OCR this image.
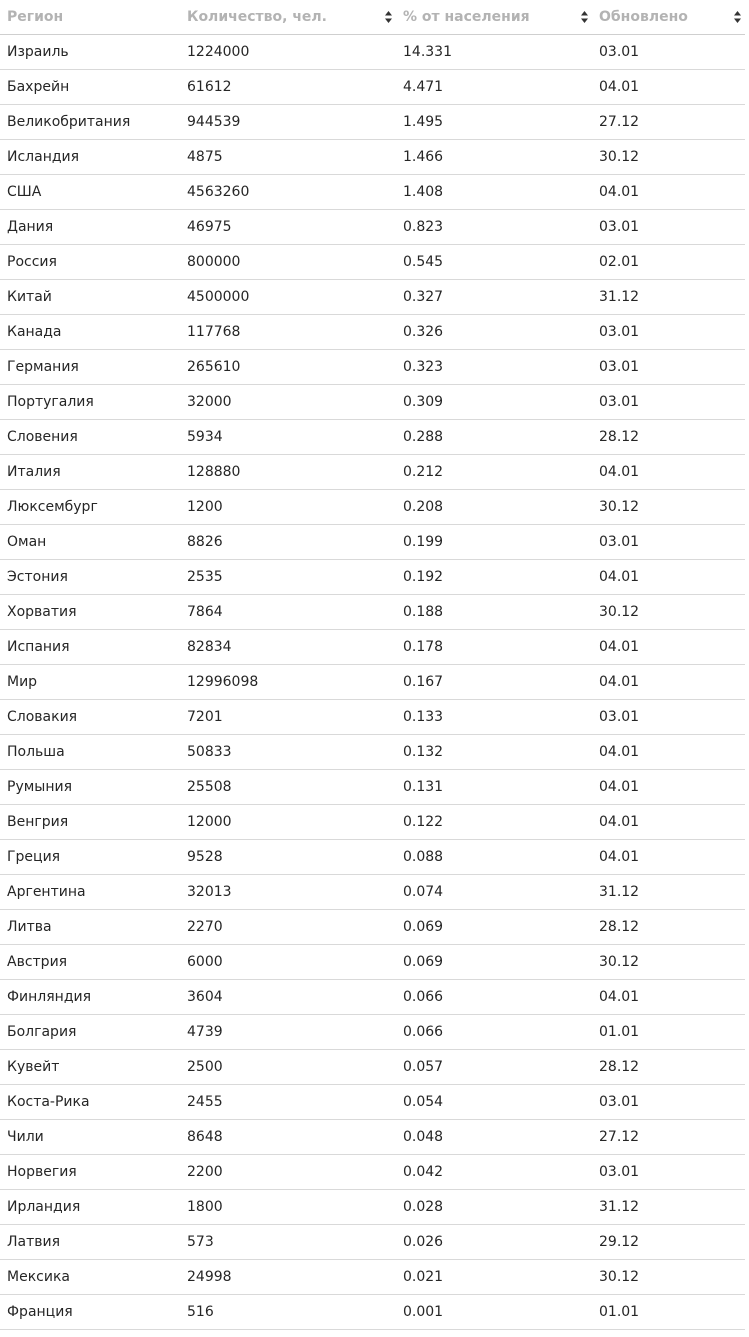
Регион	Количество, чел.	% от населения	Обновлено

Израиль	1224000	14.331	03.01
Бахрейн	61612	4.471	04.01
Великобритания	944539	1.495	27.12
Исландия	4875	1.466	30.12
США	4563260	1.408	04.01
Дания	46975	0.823	03.01
Россия	800000	0.545	02.01
Китай	4500000	0.327	31.12
Канада	117768	0.326	03.01
Германия	265610	0.323	03.01
Португалия	32000	0.309	03.01
Словения	5934	0.288	28.12
Италия	128880	0.212	04.01
Люксембург	1200	0.208	30.12
Оман	8826	0.199	03.01
Эстония	2535	0.192	04.01
Хорватия	7864	0.188	30.12
Испания	82834	0.178	04.01
Мир	12996098	0.167	04.01
Словакия	7201	0.133	03.01
Польша	50833	0.132	04.01
Румыния	25508	0.131	04.01
Венгрия	12000	0.122	04.01
Греция	9528	0.088	04.01
Аргентина	32013	0.074	31.12
Литва	2270	0.069	28.12
Австрия	6000	0.069	30.12
Финляндия	3604	0.066	04.01
Болгария	4739	0.066	01.01
Кувейт	2500	0.057	28.12
Коста-Рика	2455	0.054	03.01
Чили	8648	0.048	27.12
Норвегия	2200	0.042	03.01
Ирландия	1800	0.028	31.12
Латвия	573	0.026	29.12
Мексика	24998	0.021	30.12
Франция	516	0.001	01.01
